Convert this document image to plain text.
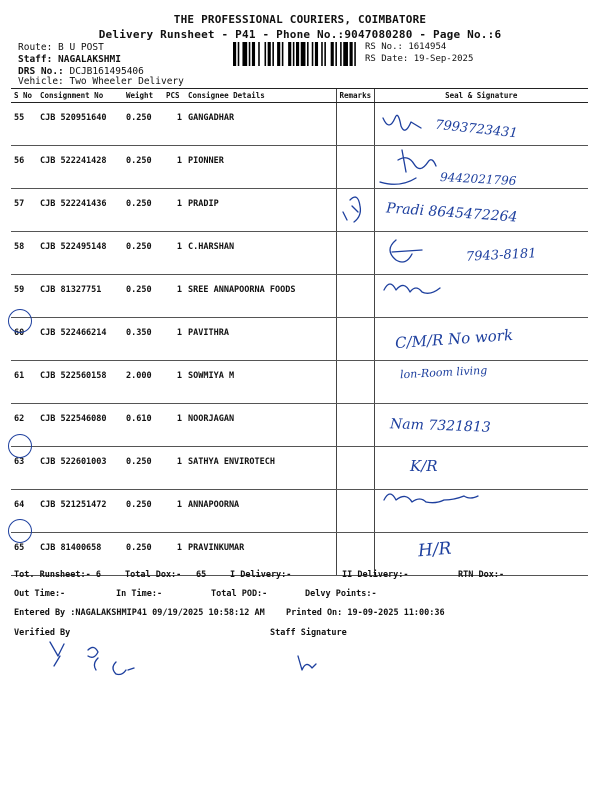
THE PROFESSIONAL COURIERS, COIMBATORE
Delivery Runsheet - P41 - Phone No.:9047080280 - Page No.:6
Route: B U POST
Staff: NAGALAKSHMI
DRS No.: DCJB161495406
Vehicle: Two Wheeler Delivery
RS No.: 1614954
RS Date: 19-Sep-2025
S No	Consignment No	Weight	PCS	Consignee Details	Remarks	Seal & Signature
55	CJB 520951640	0.250	1	GANGADHAR		
56	CJB 522241428	0.250	1	PIONNER		
57	CJB 522241436	0.250	1	PRADIP		
58	CJB 522495148	0.250	1	C.HARSHAN		
59	CJB 81327751	0.250	1	SREE ANNAPOORNA FOODS		
60	CJB 522466214	0.350	1	PAVITHRA		
61	CJB 522560158	2.000	1	SOWMIYA M		
62	CJB 522546080	0.610	1	NOORJAGAN		
63	CJB 522601003	0.250	1	SATHYA ENVIROTECH		
64	CJB 521251472	0.250	1	ANNAPOORNA		
65	CJB 81400658	0.250	1	PRAVINKUMAR		
Tot. Runsheet:- 6	Total Dox:- 65	I Delivery:-	II Delivery:-	RTN Dox:-
Out Time:-	In Time:-	Total POD:-	Delvy Points:-
Entered By :NAGALAKSHMIP41 09/19/2025 10:58:12 AM Printed On: 19-09-2025 11:00:36
Verified By	Staff Signature
7993723431
9442021796
Pradi 8645472264
7943-8181
C/M/R No work
lon-Room living
Nam 7321813
K/R
H/R
